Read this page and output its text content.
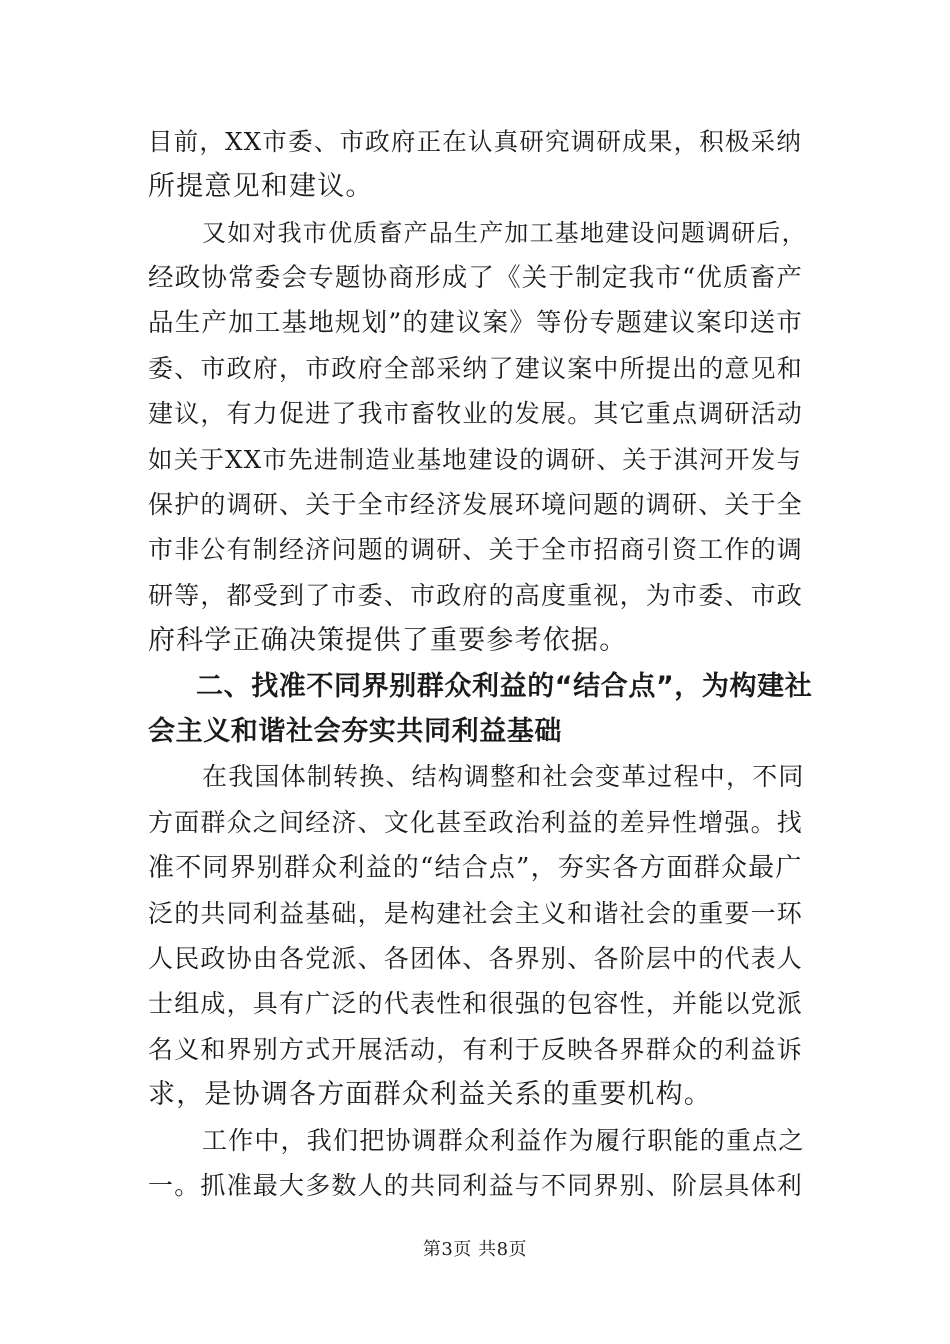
目前，XX市委、市政府正在认真研究调研成果，积极采纳
所提意见和建议。
又如对我市优质畜产品生产加工基地建设问题调研后，
经政协常委会专题协商形成了《关于制定我市“优质畜产
品生产加工基地规划”的建议案》等份专题建议案印送市
委、市政府，市政府全部采纳了建议案中所提出的意见和
建议，有力促进了我市畜牧业的发展。其它重点调研活动
如关于XX市先进制造业基地建设的调研、关于淇河开发与
保护的调研、关于全市经济发展环境问题的调研、关于全
市非公有制经济问题的调研、关于全市招商引资工作的调
研等，都受到了市委、市政府的高度重视，为市委、市政
府科学正确决策提供了重要参考依据。
二、找准不同界别群众利益的“结合点”，为构建社
会主义和谐社会夯实共同利益基础
在我国体制转换、结构调整和社会变革过程中，不同
方面群众之间经济、文化甚至政治利益的差异性增强。找
准不同界别群众利益的“结合点”，夯实各方面群众最广
泛的共同利益基础，是构建社会主义和谐社会的重要一环
人民政协由各党派、各团体、各界别、各阶层中的代表人
士组成，具有广泛的代表性和很强的包容性，并能以党派
名义和界别方式开展活动，有利于反映各界群众的利益诉
求，是协调各方面群众利益关系的重要机构。
工作中，我们把协调群众利益作为履行职能的重点之
一。抓准最大多数人的共同利益与不同界别、阶层具体利
第3页 共8页
